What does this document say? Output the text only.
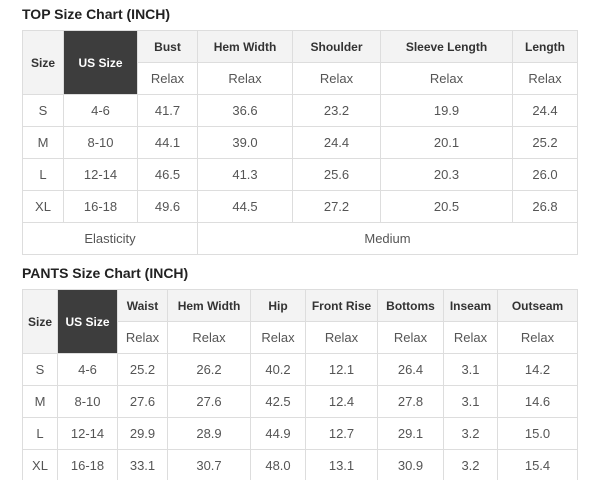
TOP Size Chart (INCH)
Size	US Size	Bust	Hem Width	Shoulder	Sleeve Length	Length
		Relax	Relax	Relax	Relax	Relax
S	4-6	41.7	36.6	23.2	19.9	24.4
M	8-10	44.1	39.0	24.4	20.1	25.2
L	12-14	46.5	41.3	25.6	20.3	26.0
XL	16-18	49.6	44.5	27.2	20.5	26.8
Elasticity			Medium			
PANTS Size Chart (INCH)
Size	US Size	Waist	Hem Width	Hip	Front Rise	Bottoms	Inseam	Outseam
		Relax	Relax	Relax	Relax	Relax	Relax	Relax
S	4-6	25.2	26.2	40.2	12.1	26.4	3.1	14.2
M	8-10	27.6	27.6	42.5	12.4	27.8	3.1	14.6
L	12-14	29.9	28.9	44.9	12.7	29.1	3.2	15.0
XL	16-18	33.1	30.7	48.0	13.1	30.9	3.2	15.4
